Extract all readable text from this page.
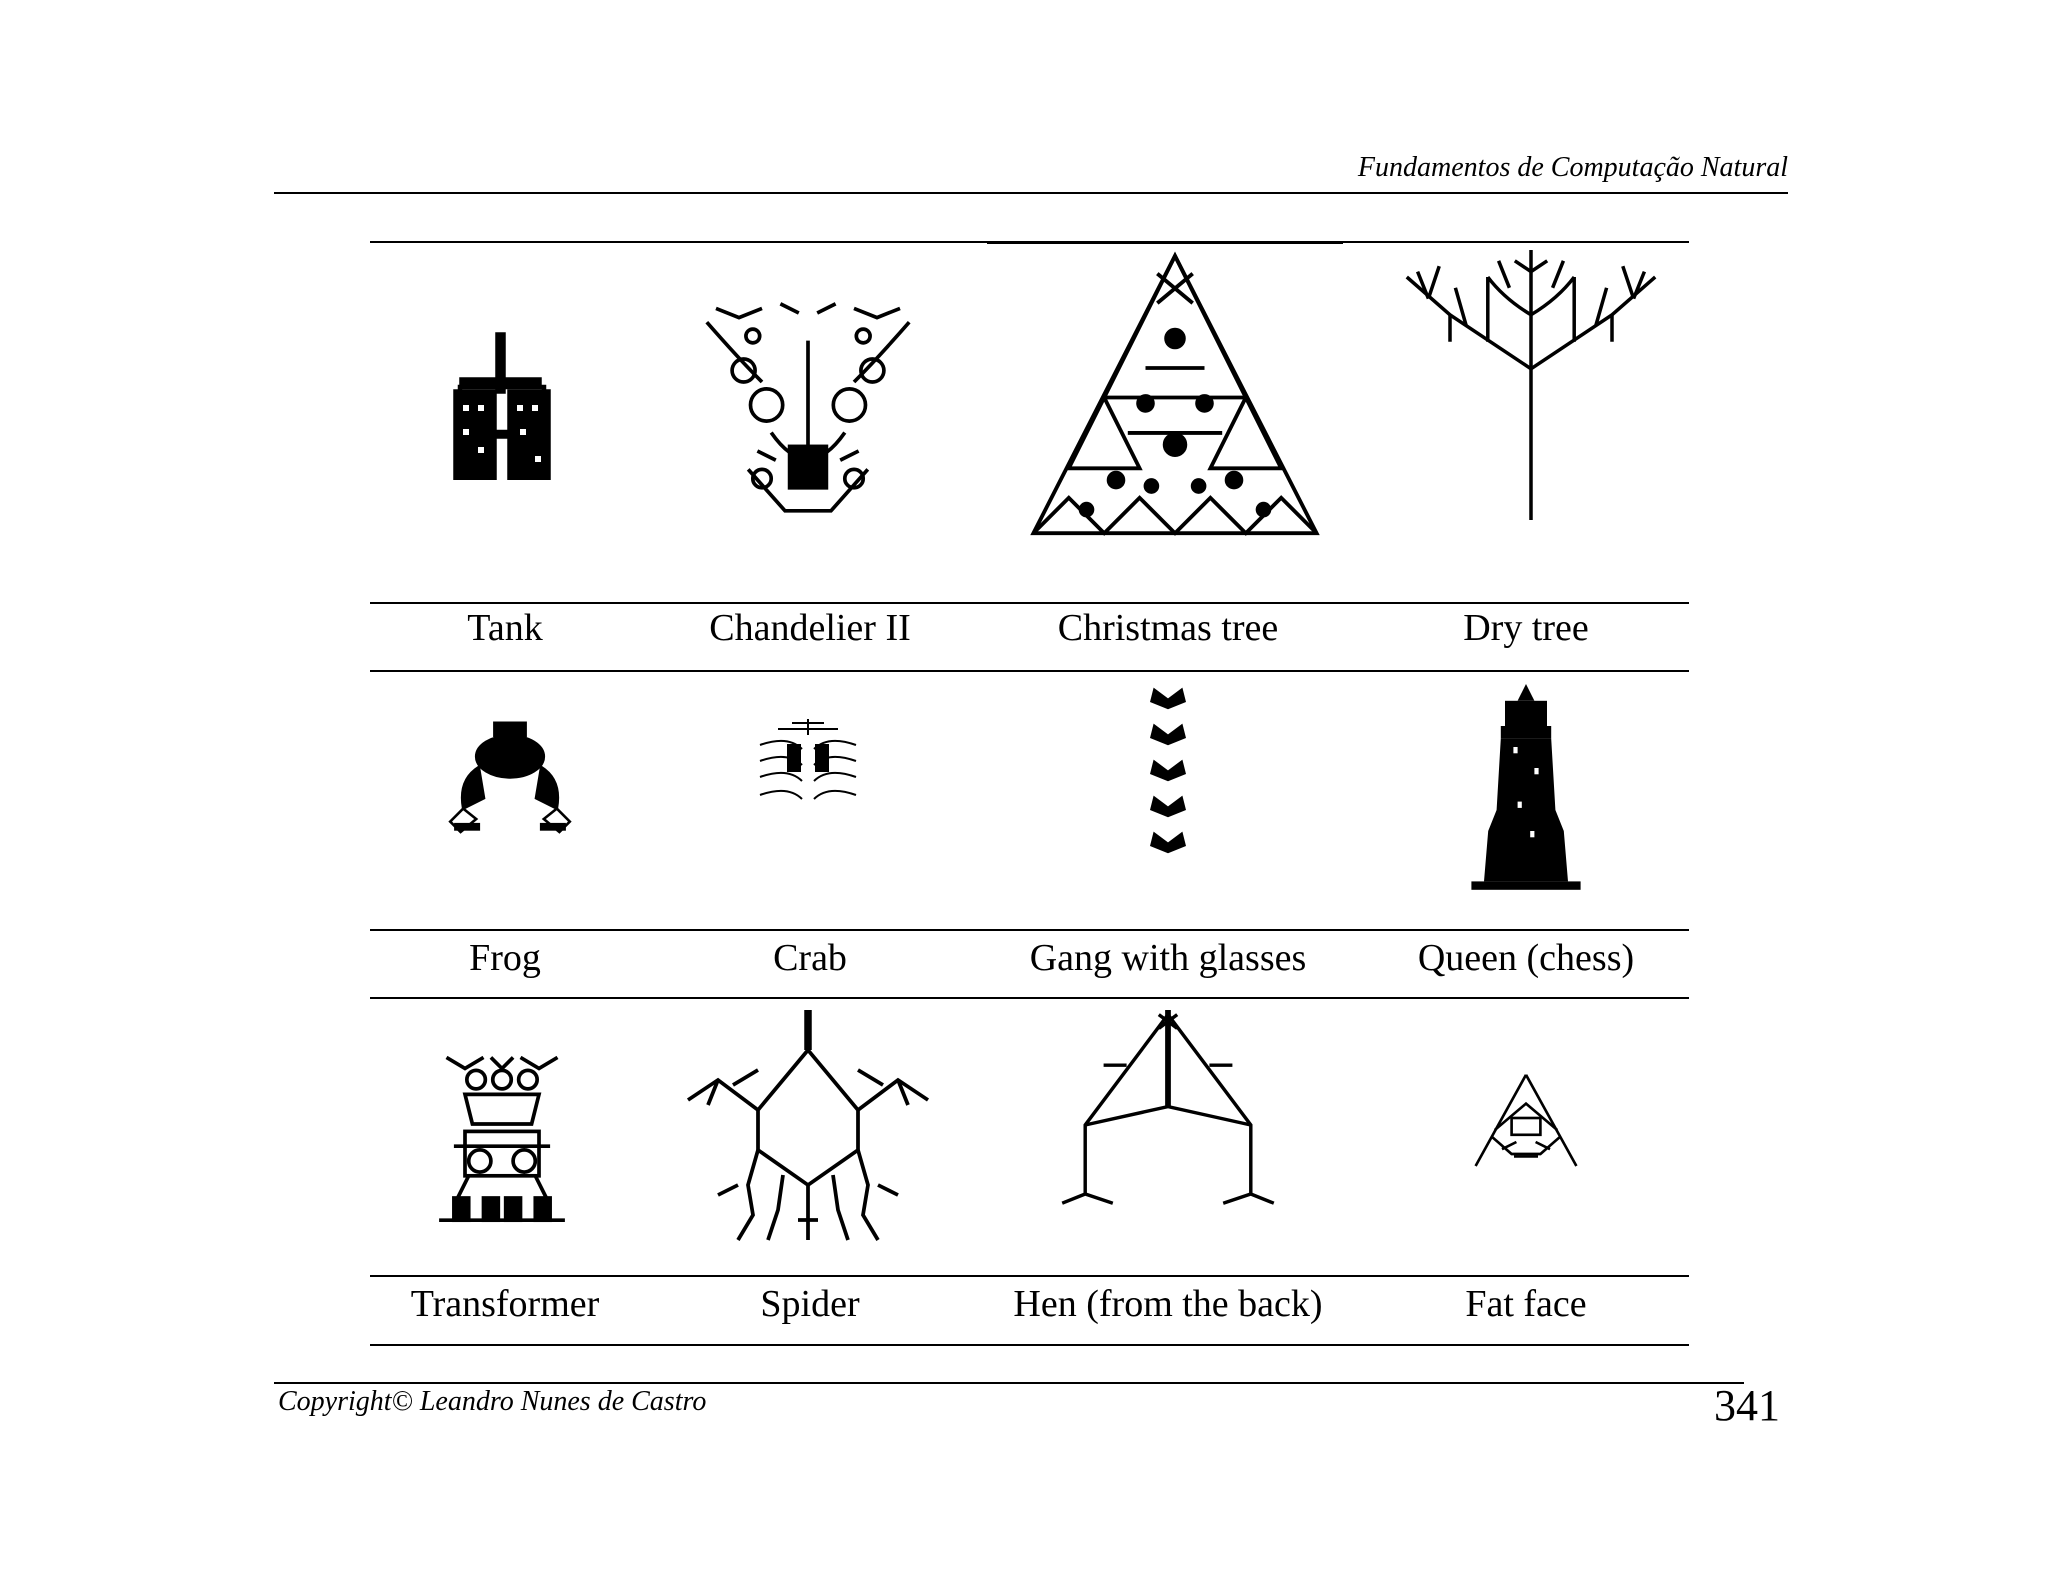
Fundamentos de Computação Natural
Tank	Chandelier II	Christmas tree	Dry tree
Frog	Crab	Gang with glasses	Queen (chess)
Transformer	Spider	Hen (from the back)	Fat face
Copyright© Leandro Nunes de Castro	341
